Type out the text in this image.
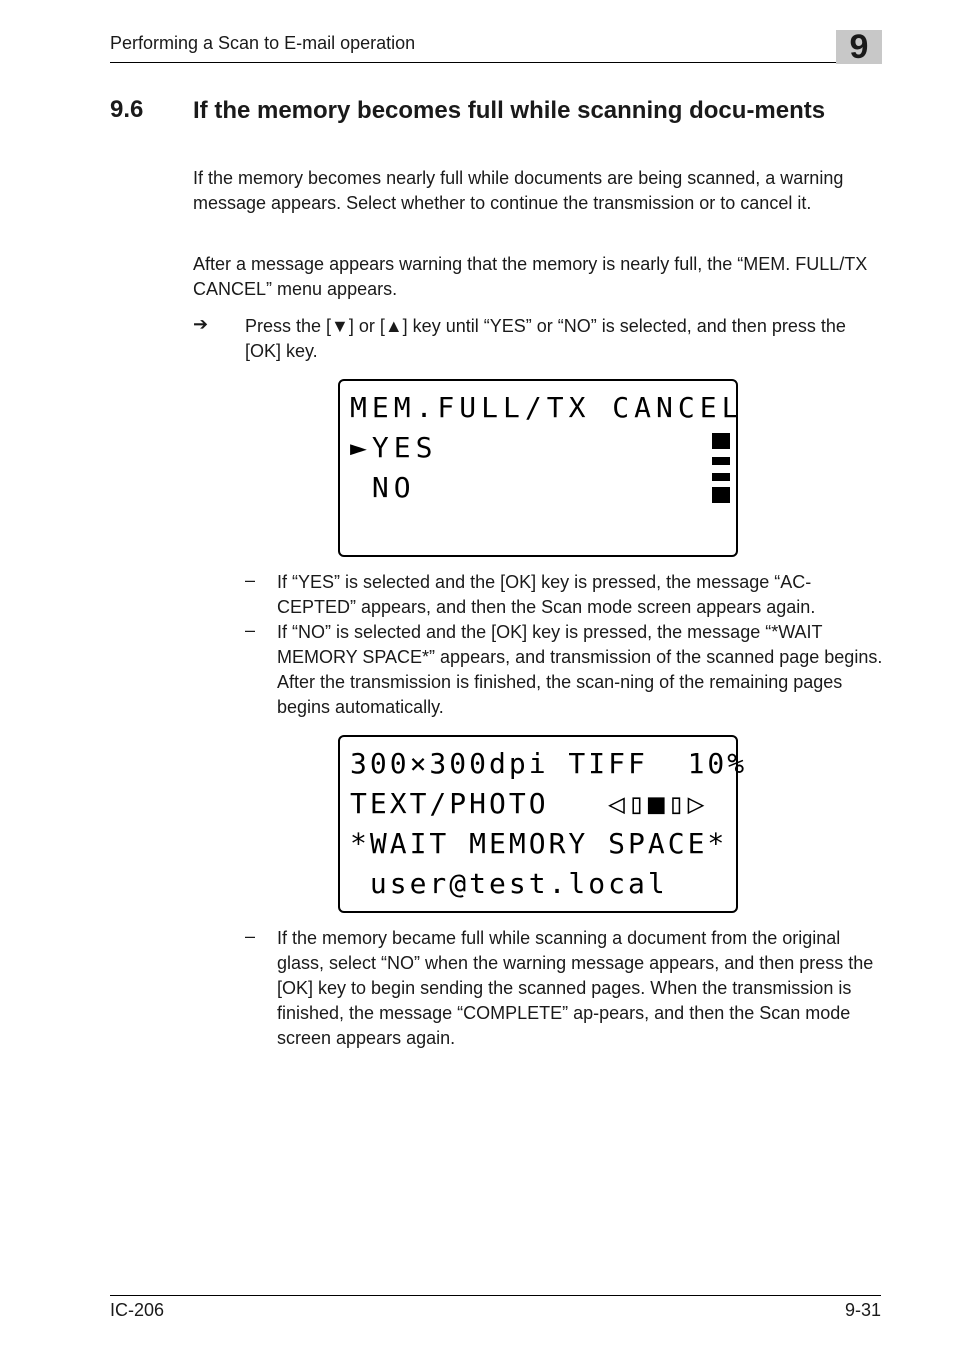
Performing a Scan to E-mail operation	9
9.6 If the memory becomes full while scanning docu-ments
If the memory becomes nearly full while documents are being scanned, a warning message appears. Select whether to continue the transmission or to cancel it.
After a message appears warning that the memory is nearly full, the “MEM. FULL/TX CANCEL” menu appears.
➔ Press the [▼] or [▲] key until “YES” or “NO” is selected, and then press the [OK] key.
MEM.FULL/TX CANCEL
►YES
NO
– If “YES” is selected and the [OK] key is pressed, the message “AC-CEPTED” appears, and then the Scan mode screen appears again.
– If “NO” is selected and the [OK] key is pressed, the message “*WAIT MEMORY SPACE*” appears, and transmission of the scanned page begins. After the transmission is finished, the scan-ning of the remaining pages begins automatically.
300×300dpi TIFF  10%
TEXT/PHOTO   ◁▯■▯▷
*WAIT MEMORY SPACE*
user@test.local
– If the memory became full while scanning a document from the original glass, select “NO” when the warning message appears, and then press the [OK] key to begin sending the scanned pages. When the transmission is finished, the message “COMPLETE” ap-pears, and then the Scan mode screen appears again.
IC-206	9-31
